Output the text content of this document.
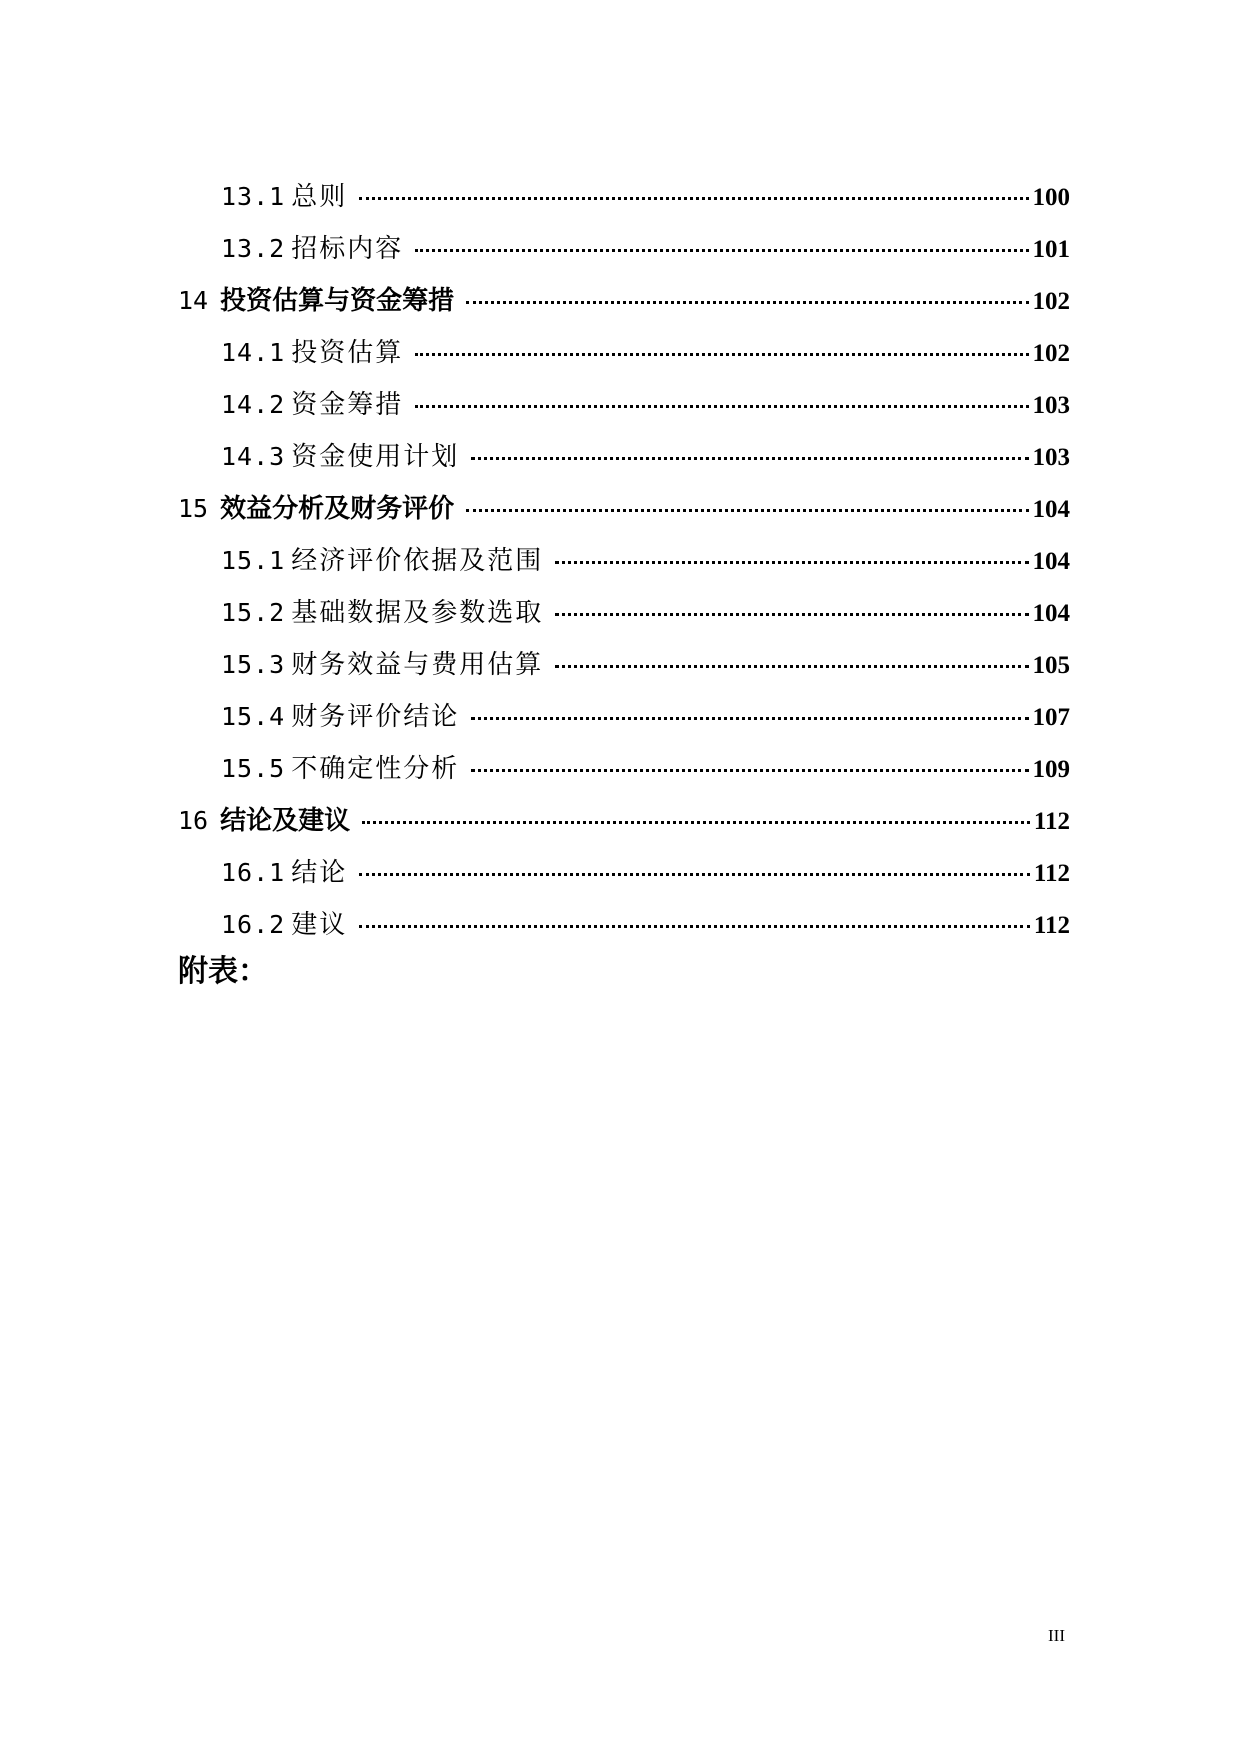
13.1 总则	100
13.2 招标内容	101
14 投资估算与资金筹措	102
14.1 投资估算	102
14.2 资金筹措	103
14.3 资金使用计划	103
15 效益分析及财务评价	104
15.1 经济评价依据及范围	104
15.2 基础数据及参数选取	104
15.3 财务效益与费用估算	105
15.4 财务评价结论	107
15.5 不确定性分析	109
16 结论及建议	112
16.1 结论	112
16.2 建议	112
附表：
III
